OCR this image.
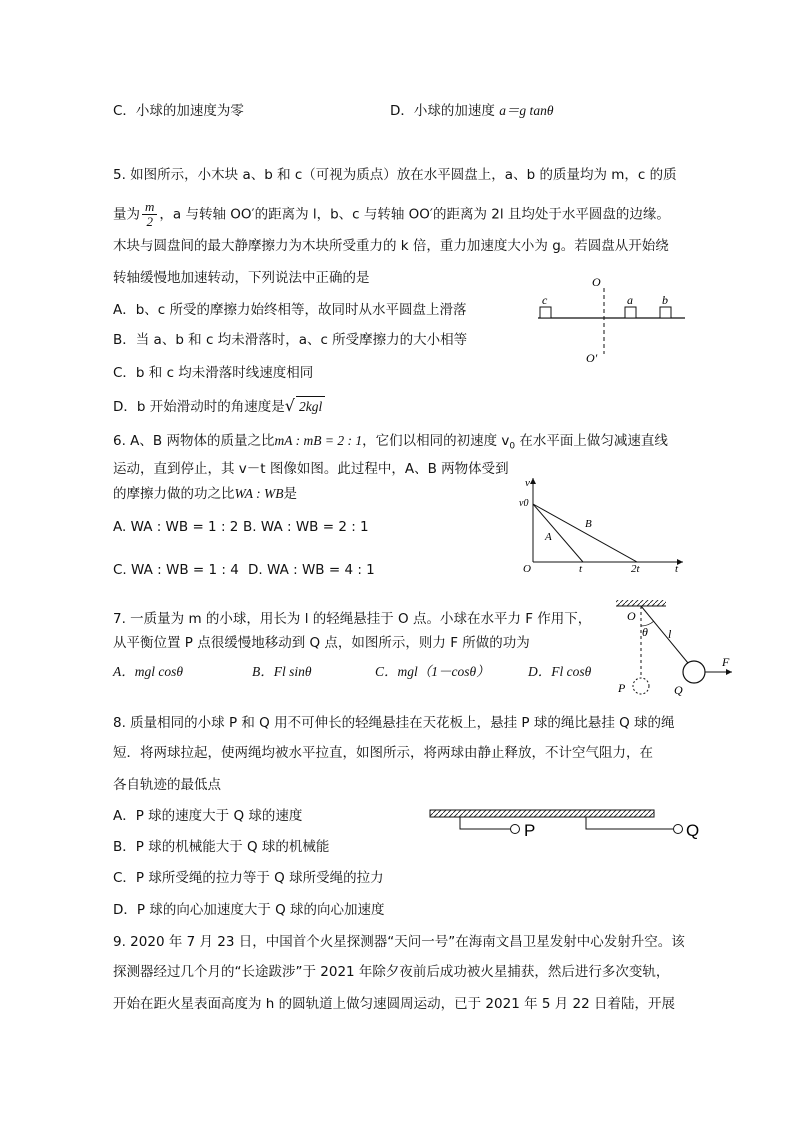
C．小球的加速度为零	D．小球的加速度 a＝g tanθ
5. 如图所示，小木块 a、b 和 c（可视为质点）放在水平圆盘上，a、b 的质量均为 m，c 的质
量为 $\frac{m}{2}$ ，a 与转轴 OO′的距离为 l，b、c 与转轴 OO′的距离为 2l 且均处于水平圆盘的边缘。
木块与圆盘间的最大静摩擦力为木块所受重力的 k 倍，重力加速度大小为 g。若圆盘从开始绕
转轴缓慢地加速转动，下列说法中正确的是
A．b、c 所受的摩擦力始终相等，故同时从水平圆盘上滑落
B．当 a、b 和 c 均未滑落时，a、c 所受摩擦力的大小相等
C．b 和 c 均未滑落时线速度相同
D．b 开始滑动时的角速度是√ 2kgl
O
O′
c	a b
6. A、B 两物体的质量之比mA : mB = 2 : 1，它们以相同的初速度 $v_0$ 在水平面上做匀减速直线
运动，直到停止，其 v－t 图像如图。此过程中，A、B 两物体受到
的摩擦力做的功之比WA : WB是
A. WA : WB = 1 : 2 B. WA : WB = 2 : 1
C. WA : WB = 1 : 4 D. WA : WB = 4 : 1
v
v0
O	t	2t	t
A
B
7. 一质量为 m 的小球，用长为 l 的轻绳悬挂于 O 点。小球在水平力 F 作用下，
从平衡位置 P 点很缓慢地移动到 Q 点，如图所示，则力 F 所做的功为
A．mgl cosθ	B．Fl sinθ	C．mgl（1－cosθ）	D．Fl cosθ
O
θ l
F
P	Q
8. 质量相同的小球 P 和 Q 用不可伸长的轻绳悬挂在天花板上，悬挂 P 球的绳比悬挂 Q 球的绳
短．将两球拉起，使两绳均被水平拉直，如图所示，将两球由静止释放，不计空气阻力，在
各自轨迹的最低点
A．P 球的速度大于 Q 球的速度
B．P 球的机械能大于 Q 球的机械能
C．P 球所受绳的拉力等于 Q 球所受绳的拉力
D．P 球的向心加速度大于 Q 球的向心加速度
P	Q
9. 2020 年 7 月 23 日，中国首个火星探测器“天问一号”在海南文昌卫星发射中心发射升空。该
探测器经过几个月的“长途跋涉”于 2021 年除夕夜前后成功被火星捕获，然后进行多次变轨，
开始在距火星表面高度为 h 的圆轨道上做匀速圆周运动，已于 2021 年 5 月 22 日着陆，开展
